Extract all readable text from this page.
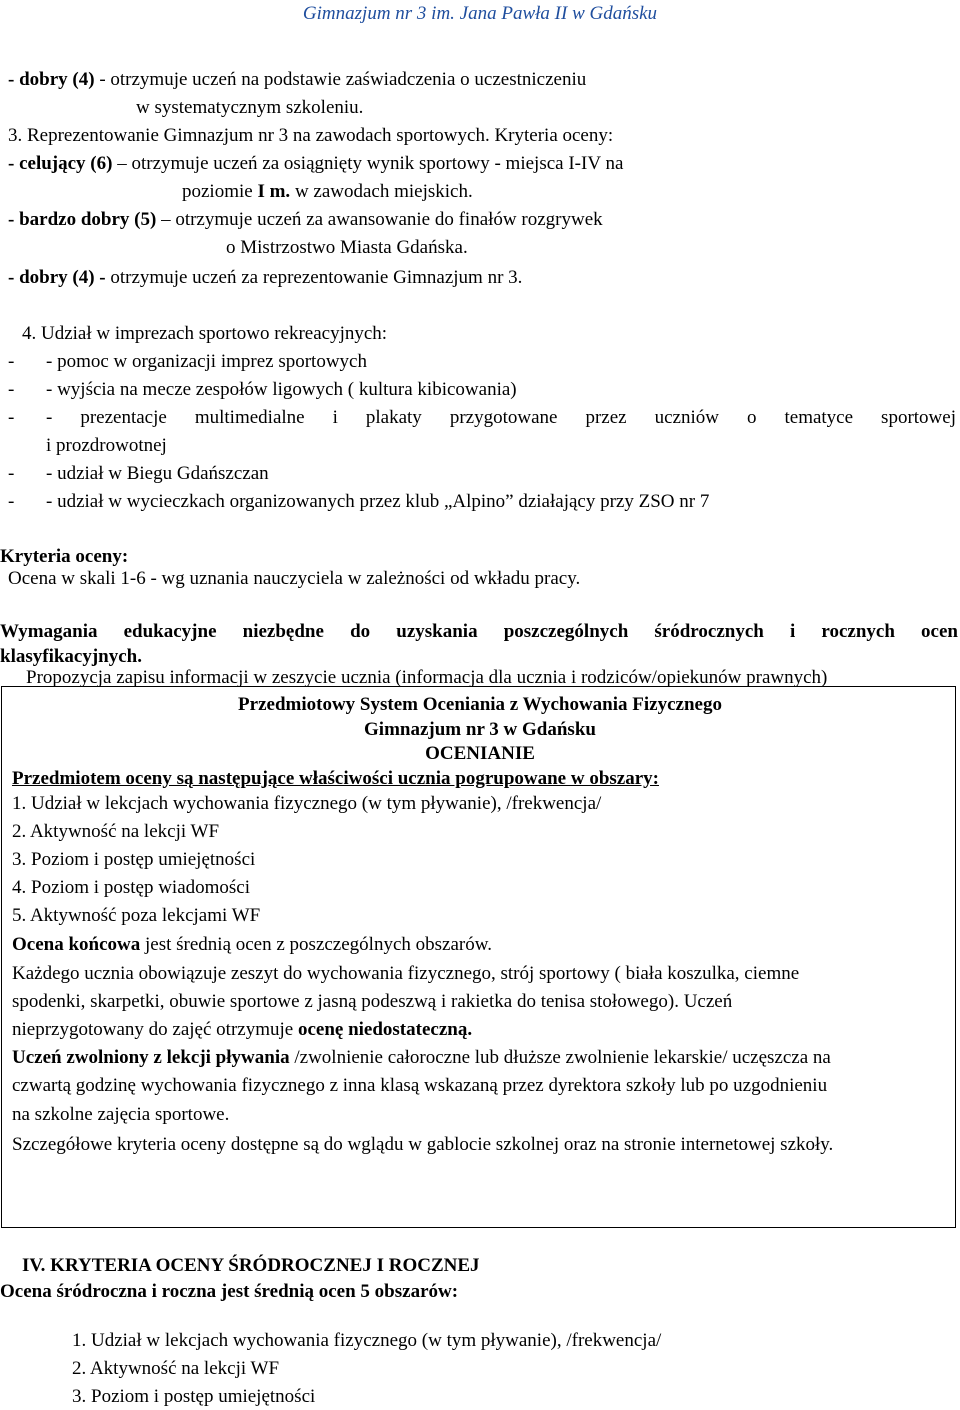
Gimnazjum nr 3 im. Jana Pawła II w Gdańsku
- dobry (4) - otrzymuje uczeń na podstawie zaświadczenia o uczestniczeniu
w systematycznym szkoleniu.
3. Reprezentowanie Gimnazjum nr 3 na zawodach sportowych. Kryteria oceny:
- celujący (6) – otrzymuje uczeń za osiągnięty wynik sportowy - miejsca I-IV na
poziomie I m. w zawodach miejskich.
- bardzo dobry (5) – otrzymuje uczeń za awansowanie do finałów rozgrywek
o Mistrzostwo Miasta Gdańska.
- dobry (4) - otrzymuje uczeń za reprezentowanie Gimnazjum nr 3.
4. Udział w imprezach sportowo rekreacyjnych:
- - pomoc w organizacji imprez sportowych
- - wyjścia na mecze zespołów ligowych ( kultura kibicowania)
- - prezentacje multimedialne i plakaty przygotowane przez uczniów o tematyce sportowej
i prozdrowotnej
- - udział w Biegu Gdańszczan
- - udział w wycieczkach organizowanych przez klub „Alpino” działający przy ZSO nr 7
Kryteria oceny:
Ocena w skali 1-6 - wg uznania nauczyciela w zależności od wkładu pracy.
Wymagania edukacyjne niezbędne do uzyskania poszczególnych śródrocznych i rocznych ocen
klasyfikacyjnych.
Propozycja zapisu informacji w zeszycie ucznia (informacja dla ucznia i rodziców/opiekunów prawnych)
Przedmiotowy System Oceniania z Wychowania Fizycznego
Gimnazjum nr 3 w Gdańsku
OCENIANIE
Przedmiotem oceny są następujące właściwości ucznia pogrupowane w obszary:
1. Udział w lekcjach wychowania fizycznego (w tym pływanie), /frekwencja/
2. Aktywność na lekcji WF
3. Poziom i postęp umiejętności
4. Poziom i postęp wiadomości
5. Aktywność poza lekcjami WF
Ocena końcowa jest średnią ocen z poszczególnych obszarów.
Każdego ucznia obowiązuje zeszyt do wychowania fizycznego, strój sportowy ( biała koszulka, ciemne
spodenki, skarpetki, obuwie sportowe z jasną podeszwą i rakietka do tenisa stołowego). Uczeń
nieprzygotowany do zajęć otrzymuje ocenę niedostateczną.
Uczeń zwolniony z lekcji pływania /zwolnienie całoroczne lub dłuższe zwolnienie lekarskie/ uczęszcza na
czwartą godzinę wychowania fizycznego z inna klasą wskazaną przez dyrektora szkoły lub po uzgodnieniu
na szkolne zajęcia sportowe.
Szczegółowe kryteria oceny dostępne są do wglądu w gablocie szkolnej oraz na stronie internetowej szkoły.
IV. KRYTERIA OCENY ŚRÓDROCZNEJ I ROCZNEJ
Ocena śródroczna i roczna jest średnią ocen 5 obszarów:
1. Udział w lekcjach wychowania fizycznego (w tym pływanie), /frekwencja/
2. Aktywność na lekcji WF
3. Poziom i postęp umiejętności
